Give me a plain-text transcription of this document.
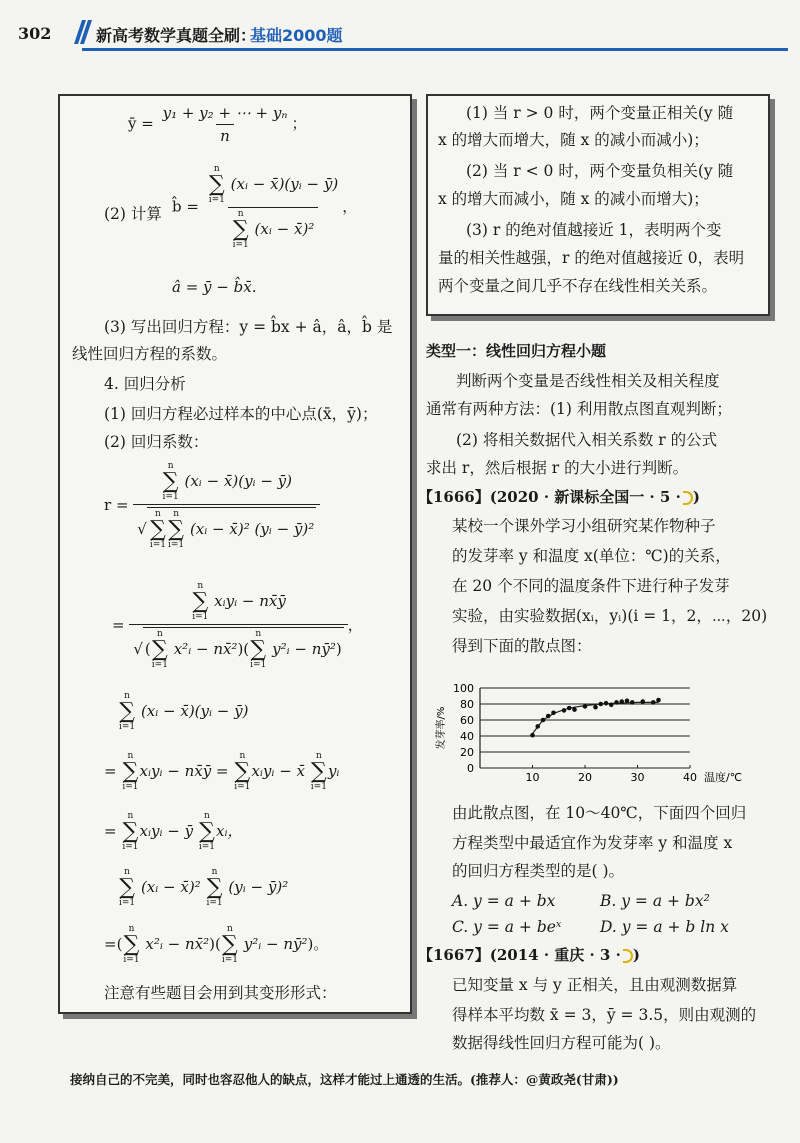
302	新高考数学真题全刷：
基础2000题
ȳ = $\frac{\text{y₁ + y₂ + ⋯ + yₙ}}{n}$ ；
(2) 计算 b̂ = n
∑
i=1
(xᵢ − x̄)(yᵢ − ȳ)
n
∑
i=1
(xᵢ − x̄)² ，
â = ȳ − b̂x̄.
(3) 写出回归方程：y = b̂x + â，â，b̂ 是
线性回归方程的系数。
4. 回归分析
(1) 回归方程必过样本的中心点(x̄，ȳ)；
(2) 回归系数：
r = n
∑
i=1
(xᵢ − x̄)(yᵢ − ȳ)
√
n
∑
i=1
n
∑
i=1
(xᵢ − x̄)² (yᵢ − ȳ)²
= n
∑
i=1
xᵢyᵢ − nx̄ȳ
√ (
n
∑
i=1
x²ᵢ − nx̄²)(
n
∑
i=1
y²ᵢ − nȳ²) ，
n
∑
i=1
(xᵢ − x̄)(yᵢ − ȳ)
=
n
∑
i=1
xᵢyᵢ − nx̄ȳ =
n
∑
i=1
xᵢyᵢ − x̄
n
∑
i=1
yᵢ
=
n
∑
i=1
xᵢyᵢ − ȳ
n
∑
i=1
xᵢ，
n
∑
i=1
(xᵢ − x̄)²
n
∑
i=1
(yᵢ − ȳ)²
=(
n
∑
i=1
x²ᵢ − nx̄²)(
n
∑
i=1
y²ᵢ − nȳ²)。
注意有些题目会用到其变形形式：
(1) 当 r > 0 时，两个变量正相关(y 随
x 的增大而增大，随 x 的减小而减小)；
(2) 当 r < 0 时，两个变量负相关(y 随
x 的增大而减小，随 x 的减小而增大)；
(3) r 的绝对值越接近 1，表明两个变
量的相关性越强，r 的绝对值越接近 0，表明
两个变量之间几乎不存在线性相关关系。
类型一：线性回归方程小题
判断两个变量是否线性相关及相关程度
通常有两种方法：(1) 利用散点图直观判断；
(2) 将相关数据代入相关系数 r 的公式
求出 r，然后根据 r 的大小进行判断。
【1666】(2020 · 新课标全国一 · 5 · )
某校一个课外学习小组研究某作物种子
的发芽率 y 和温度 x(单位：℃)的关系，
在 20 个不同的温度条件下进行种子发芽
实验，由实验数据(xᵢ，yᵢ)(i = 1，2，⋯，20)
得到下面的散点图：
0
20
40
60
80
100
10	20	30	40 温度/℃
发芽率/%
由此散点图，在 10～40℃，下面四个回归
方程类型中最适宜作为发芽率 y 和温度 x
的回归方程类型的是( )。
A. y = a + bx	B. y = a + bx²
C. y = a + beˣ D. y = a + b ln x
【1667】(2014 · 重庆 · 3 · )
已知变量 x 与 y 正相关，且由观测数据算
得样本平均数 x̄ = 3，ȳ = 3.5，则由观测的
数据得线性回归方程可能为( )。
接纳自己的不完美，同时也容忍他人的缺点，这样才能过上通透的生活。(推荐人：@黄政尧(甘肃))
